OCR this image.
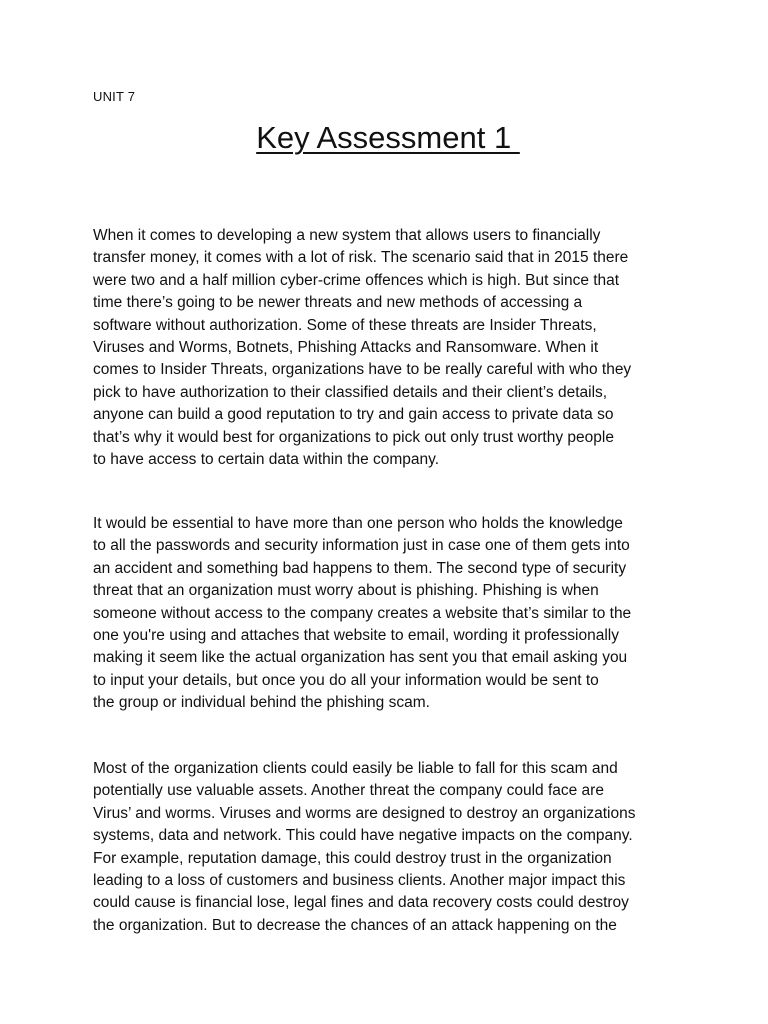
UNIT 7
Key Assessment 1
When it comes to developing a new system that allows users to financially
transfer money, it comes with a lot of risk. The scenario said that in 2015 there
were two and a half million cyber-crime offences which is high. But since that
time there’s going to be newer threats and new methods of accessing a
software without authorization. Some of these threats are Insider Threats,
Viruses and Worms, Botnets, Phishing Attacks and Ransomware. When it
comes to Insider Threats, organizations have to be really careful with who they
pick to have authorization to their classified details and their client’s details,
anyone can build a good reputation to try and gain access to private data so
that’s why it would best for organizations to pick out only trust worthy people
to have access to certain data within the company.
It would be essential to have more than one person who holds the knowledge
to all the passwords and security information just in case one of them gets into
an accident and something bad happens to them. The second type of security
threat that an organization must worry about is phishing. Phishing is when
someone without access to the company creates a website that’s similar to the
one you're using and attaches that website to email, wording it professionally
making it seem like the actual organization has sent you that email asking you
to input your details, but once you do all your information would be sent to
the group or individual behind the phishing scam.
Most of the organization clients could easily be liable to fall for this scam and
potentially use valuable assets. Another threat the company could face are
Virus’ and worms. Viruses and worms are designed to destroy an organizations
systems, data and network. This could have negative impacts on the company.
For example, reputation damage, this could destroy trust in the organization
leading to a loss of customers and business clients. Another major impact this
could cause is financial lose, legal fines and data recovery costs could destroy
the organization. But to decrease the chances of an attack happening on the
